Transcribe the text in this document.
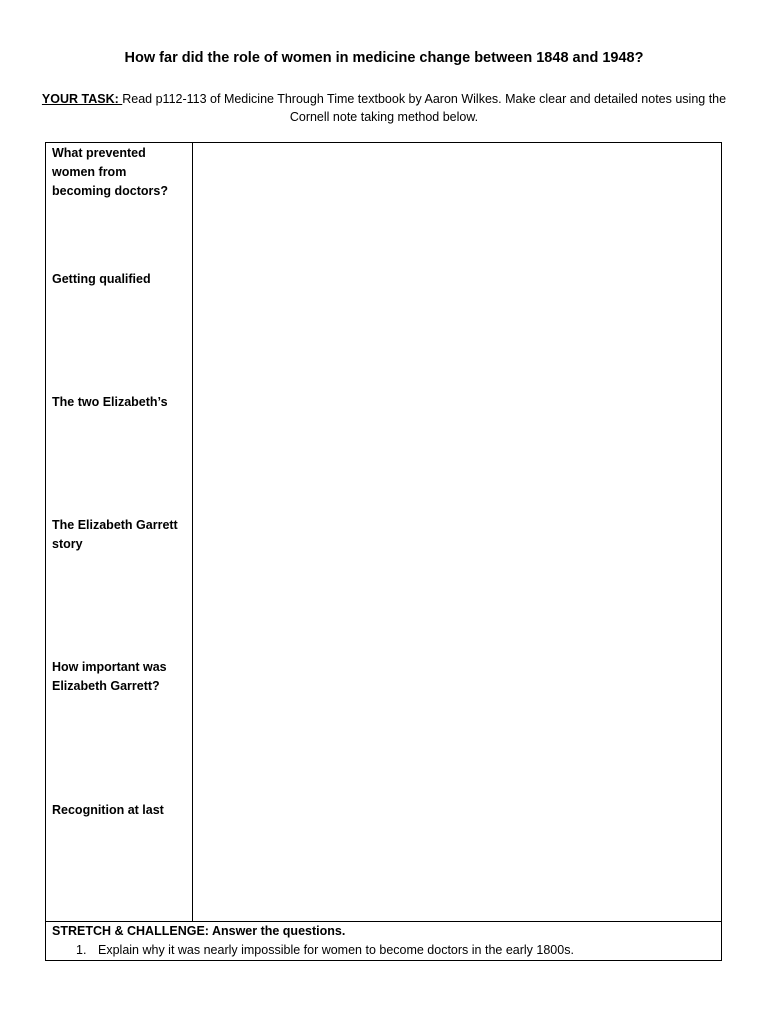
How far did the role of women in medicine change between 1848 and 1948?
YOUR TASK: Read p112-113 of Medicine Through Time textbook by Aaron Wilkes. Make clear and detailed notes using the Cornell note taking method below.
What prevented women from becoming doctors?
Getting qualified
The two Elizabeth’s
The Elizabeth Garrett story
How important was Elizabeth Garrett?
Recognition at last
STRETCH & CHALLENGE: Answer the questions.
1. Explain why it was nearly impossible for women to become doctors in the early 1800s.
